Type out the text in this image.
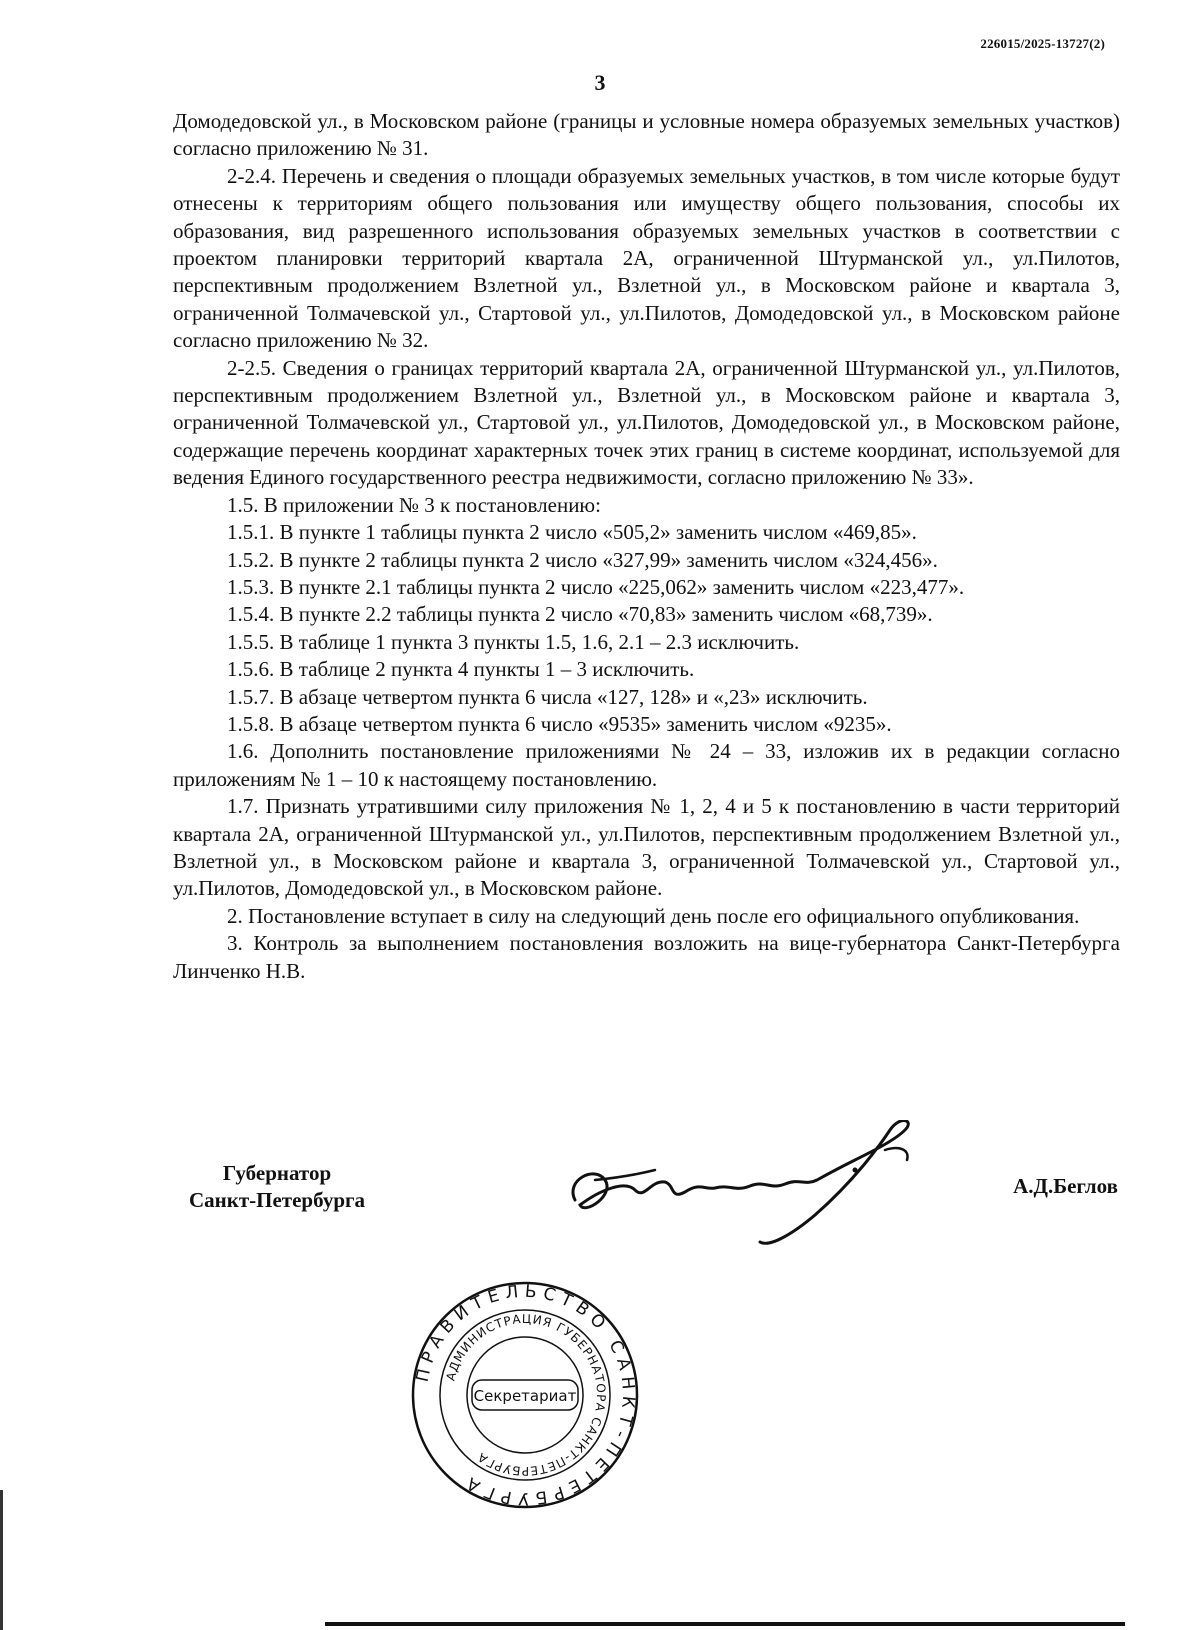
226015/2025-13727(2)
3

Домодедовской ул., в Московском районе (границы и условные номера образуемых земельных участков) согласно приложению № 31.

2-2.4. Перечень и сведения о площади образуемых земельных участков, в том числе которые будут отнесены к территориям общего пользования или имуществу общего пользования, способы их образования, вид разрешенного использования образуемых земельных участков в соответствии с проектом планировки территорий квартала 2А, ограниченной Штурманской ул., ул.Пилотов, перспективным продолжением Взлетной ул., Взлетной ул., в Московском районе и квартала 3, ограниченной Толмачевской ул., Стартовой ул., ул.Пилотов, Домодедовской ул., в Московском районе согласно приложению № 32.

2-2.5. Сведения о границах территорий квартала 2А, ограниченной Штурманской ул., ул.Пилотов, перспективным продолжением Взлетной ул., Взлетной ул., в Московском районе и квартала 3, ограниченной Толмачевской ул., Стартовой ул., ул.Пилотов, Домодедовской ул., в Московском районе, содержащие перечень координат характерных точек этих границ в системе координат, используемой для ведения Единого государственного реестра недвижимости, согласно приложению № 33».

1.5. В приложении № 3 к постановлению:

1.5.1. В пункте 1 таблицы пункта 2 число «505,2» заменить числом «469,85».

1.5.2. В пункте 2 таблицы пункта 2 число «327,99» заменить числом «324,456».

1.5.3. В пункте 2.1 таблицы пункта 2 число «225,062» заменить числом «223,477».

1.5.4. В пункте 2.2 таблицы пункта 2 число «70,83» заменить числом «68,739».

1.5.5. В таблице 1 пункта 3 пункты 1.5, 1.6, 2.1 – 2.3 исключить.

1.5.6. В таблице 2 пункта 4 пункты 1 – 3 исключить.

1.5.7. В абзаце четвертом пункта 6 числа «127, 128» и «,23» исключить.

1.5.8. В абзаце четвертом пункта 6 число «9535» заменить числом «9235».

1.6. Дополнить постановление приложениями № 24 – 33, изложив их в редакции согласно приложениям № 1 – 10 к настоящему постановлению.

1.7. Признать утратившими силу приложения № 1, 2, 4 и 5 к постановлению в части территорий квартала 2А, ограниченной Штурманской ул., ул.Пилотов, перспективным продолжением Взлетной ул., Взлетной ул., в Московском районе и квартала 3, ограниченной Толмачевской ул., Стартовой ул., ул.Пилотов, Домодедовской ул., в Московском районе.

2. Постановление вступает в силу на следующий день после его официального опубликования.

3. Контроль за выполнением постановления возложить на вице-губернатора Санкт-Петербурга Линченко Н.В.

Губернатор
Санкт-Петербурга
А.Д.Беглов
ПРАВИТЕЛЬСТВО САНКТ-ПЕТЕРБУРГА
АДМИНИСТРАЦИЯ ГУБЕРНАТОРА САНКТ-ПЕТЕРБУРГА
Секретариат
